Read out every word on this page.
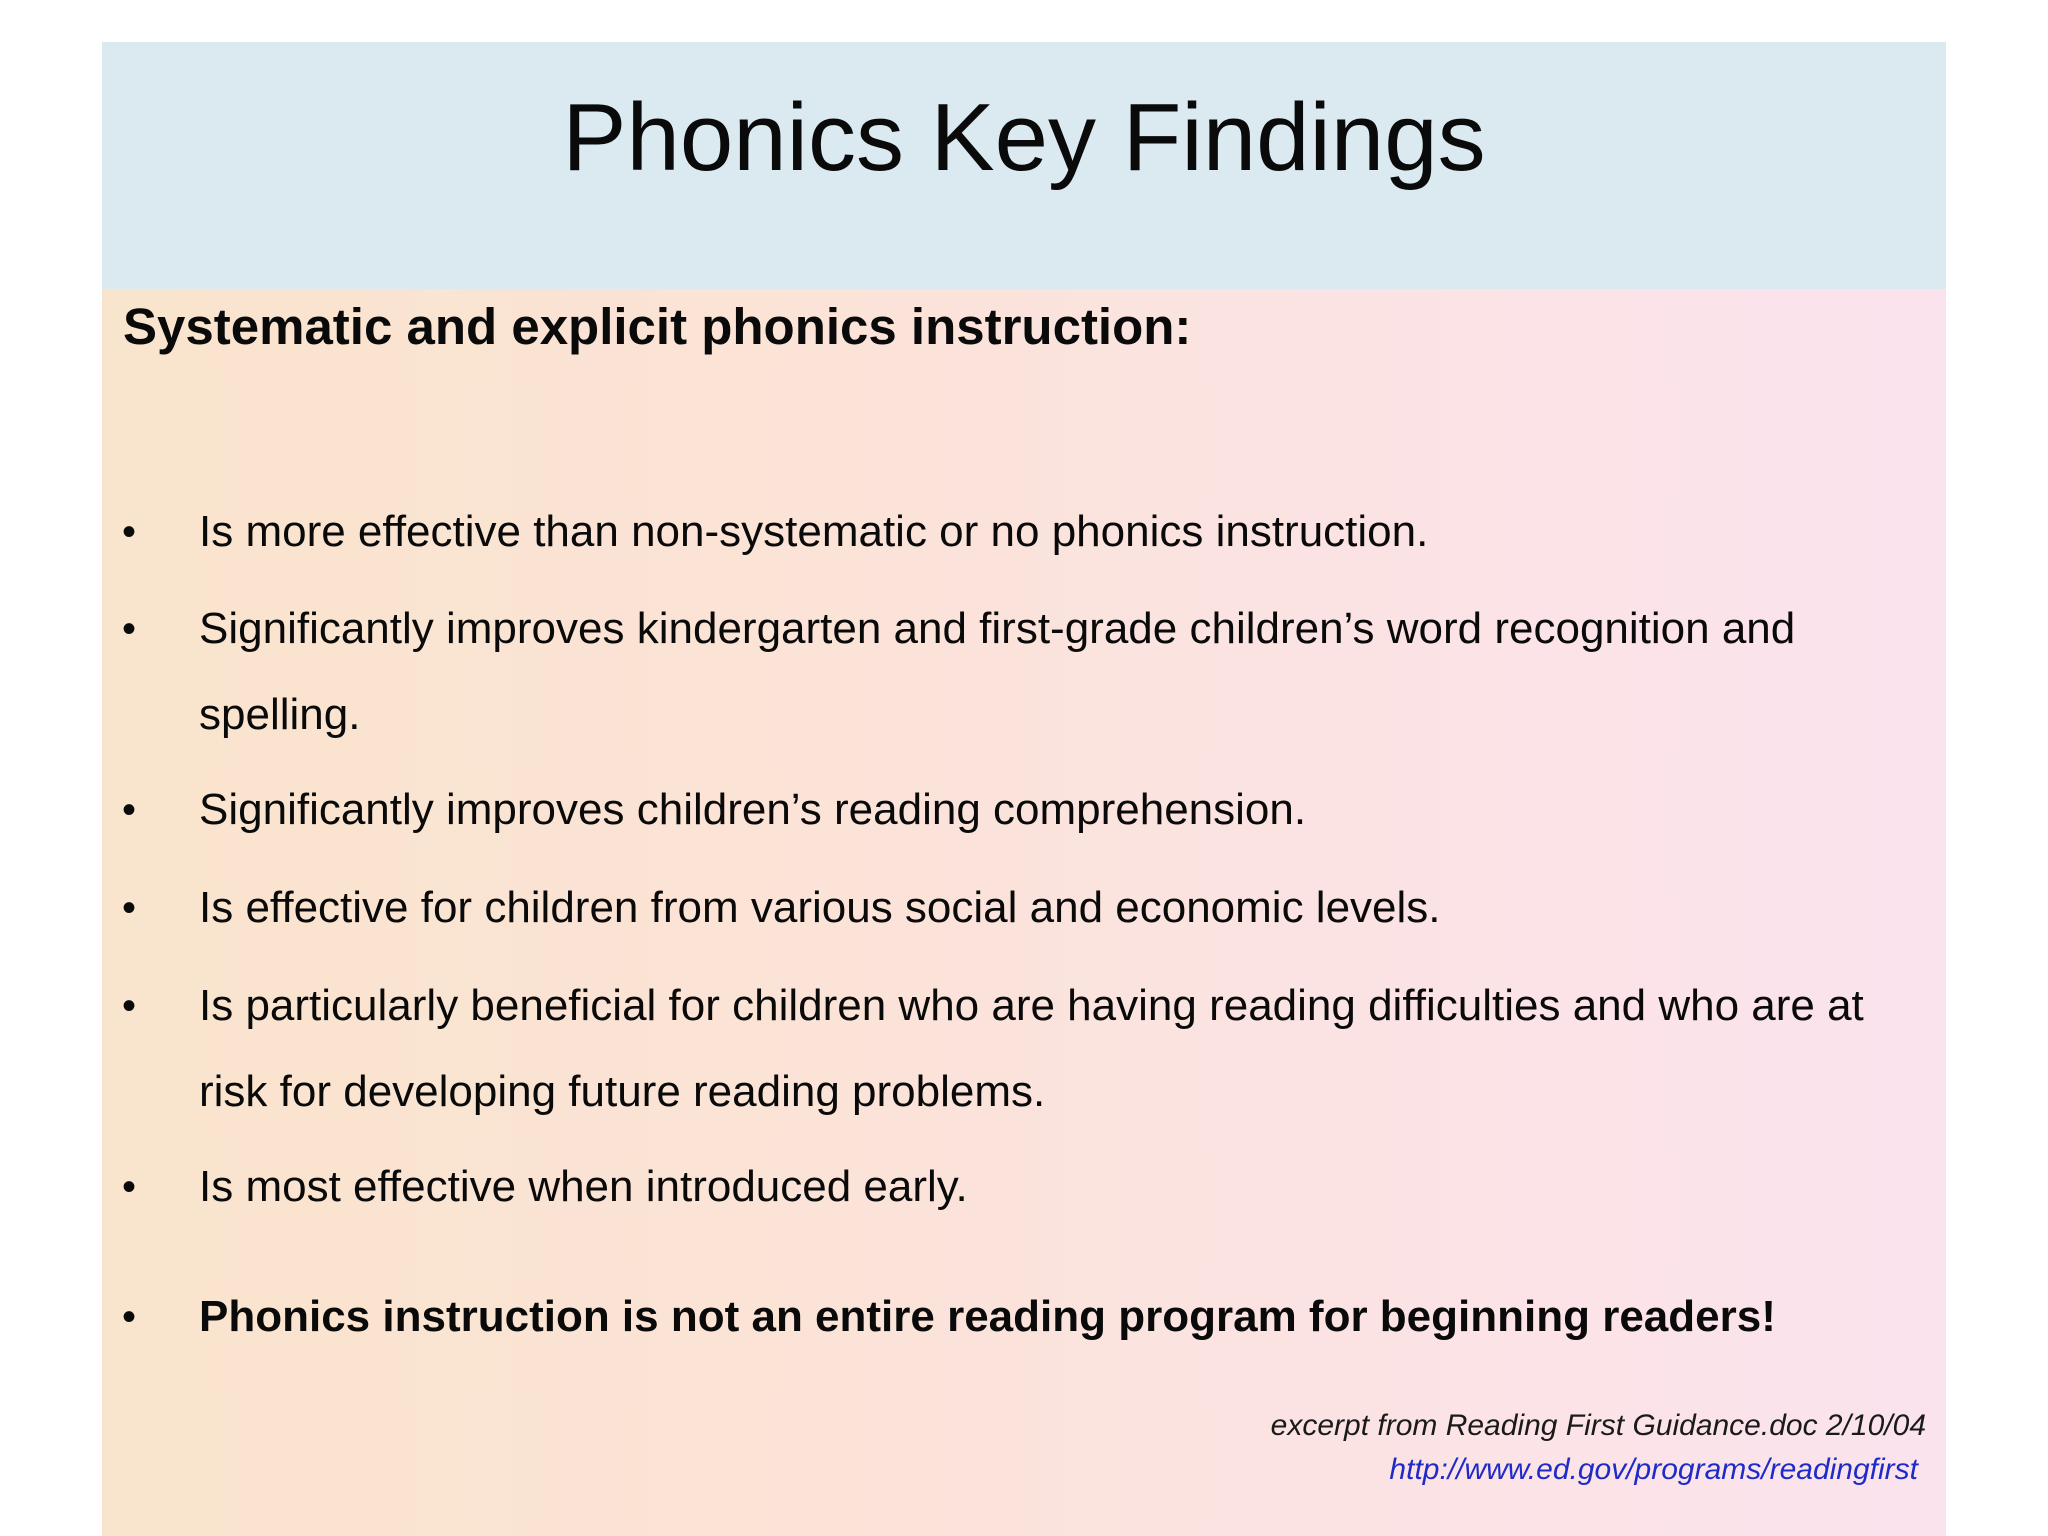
Phonics Key Findings
Systematic and explicit phonics instruction:
• Is more effective than non-systematic or no phonics instruction.
• Significantly improves kindergarten and first-grade children’s word recognition and spelling.
• Significantly improves children’s reading comprehension.
• Is effective for children from various social and economic levels.
• Is particularly beneficial for children who are having reading difficulties and who are at risk for developing future reading problems.
• Is most effective when introduced early.
• Phonics instruction is not an entire reading program for beginning readers!
excerpt from Reading First Guidance.doc 2/10/04
http://www.ed.gov/programs/readingfirst
